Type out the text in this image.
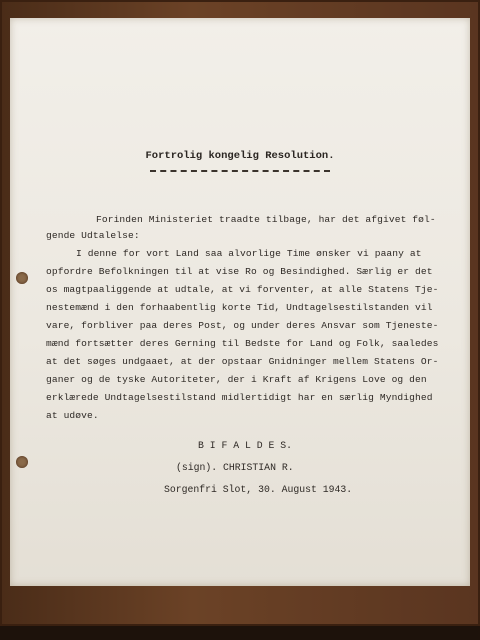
Fortrolig kongelig Resolution.
Forinden Ministeriet traadte tilbage, har det afgivet føl-
gende Udtalelse:
I denne for vort Land saa alvorlige Time ønsker vi paany at
opfordre Befolkningen til at vise Ro og Besindighed. Særlig er det
os magtpaaliggende at udtale, at vi forventer, at alle Statens Tje-
nestemænd i den forhaabentlig korte Tid, Undtagelsestilstanden vil
vare, forbliver paa deres Post, og under deres Ansvar som Tjeneste-
mænd fortsætter deres Gerning til Bedste for Land og Folk, saaledes
at det søges undgaaet, at der opstaar Gnidninger mellem Statens Or-
ganer og de tyske Autoriteter, der i Kraft af Krigens Love og den
erklærede Undtagelsestilstand midlertidigt har en særlig Myndighed
at udøve.
B I F A L D E S.
(sign). CHRISTIAN R.
Sorgenfri Slot, 30. August 1943.
